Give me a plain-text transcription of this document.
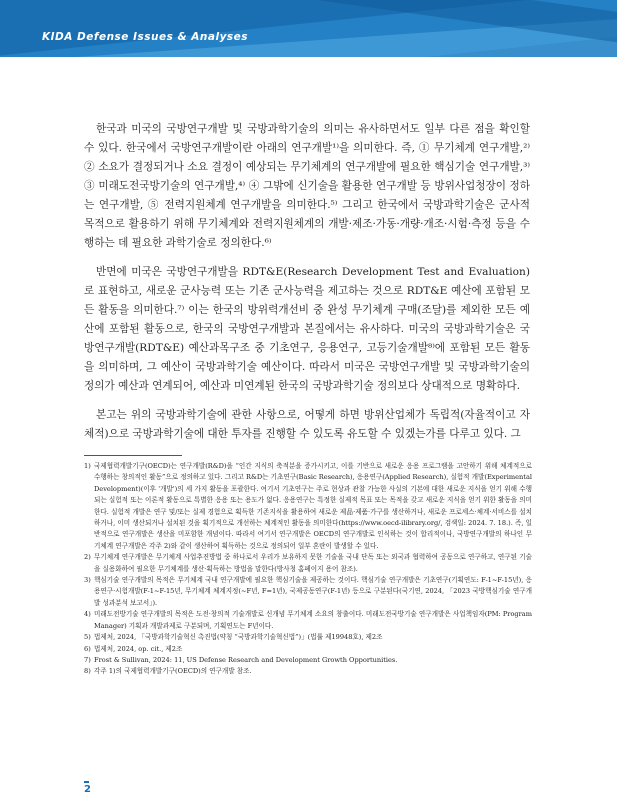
KIDA Defense Issues & Analyses

한국과 미국의 국방연구개발 및 국방과학기술의 의미는 유사하면서도 일부 다른 점을 확인할 수 있다. 한국에서 국방연구개발이란 아래의 연구개발¹⁾을 의미한다. 즉, ① 무기체계 연구개발,²⁾ ② 소요가 결정되거나 소요 결정이 예상되는 무기체계의 연구개발에 필요한 핵심기술 연구개발,³⁾ ③ 미래도전국방기술의 연구개발,⁴⁾ ④ 그밖에 신기술을 활용한 연구개발 등 방위사업청장이 정하는 연구개발, ⑤ 전력지원체계 연구개발을 의미한다.⁵⁾ 그리고 한국에서 국방과학기술은 군사적 목적으로 활용하기 위해 무기체계와 전력지원체계의 개발·제조·가동·개량·개조·시험·측정 등을 수행하는 데 필요한 과학기술로 정의한다.⁶⁾

반면에 미국은 국방연구개발을 RDT&E(Research Development Test and Evaluation)로 표현하고, 새로운 군사능력 또는 기존 군사능력을 제고하는 것으로 RDT&E 예산에 포함된 모든 활동을 의미한다.⁷⁾ 이는 한국의 방위력개선비 중 완성 무기체계 구매(조달)를 제외한 모든 예산에 포함된 활동으로, 한국의 국방연구개발과 본질에서는 유사하다. 미국의 국방과학기술은 국방연구개발(RDT&E) 예산과목구조 중 기초연구, 응용연구, 고등기술개발⁸⁾에 포함된 모든 활동을 의미하며, 그 예산이 국방과학기술 예산이다. 따라서 미국은 국방연구개발 및 국방과학기술의 정의가 예산과 연계되어, 예산과 미연계된 한국의 국방과학기술 정의보다 상대적으로 명확하다.

본고는 위의 국방과학기술에 관한 사항으로, 어떻게 하면 방위산업체가 독립적(자율적이고 자체적)으로 국방과학기술에 대한 투자를 진행할 수 있도록 유도할 수 있겠는가를 다루고 있다. 그

1) 국제협력개발기구(OECD)는 연구개발(R&D)을 “인간 지식의 축적분을 증가시키고, 이를 기반으로 새로운 응용 프로그램을 고안하기 위해 체계적으로 수행하는 창의적인 활동”으로 정의하고 있다. 그리고 R&D는 기초연구(Basic Research), 응용연구(Applied Research), 실험적 개발(Experimental Development)(이후 '개발')의 세 가지 활동을 포괄한다. 여기서 기초연구는 주로 현상과 관찰 가능한 사실의 기본에 대한 새로운 지식을 얻기 위해 수행되는 실험적 또는 이론적 활동으로 특별한 응용 또는 용도가 없다. 응용연구는 특정한 실제적 목표 또는 목적을 갖고 새로운 지식을 얻기 위한 활동을 의미한다. 실험적 개발은 연구 및/또는 실제 경험으로 획득한 기존지식을 활용하여 새로운 제品·제품·가구를 생산하거나, 새로운 프로세스·체계·서비스를 설치하거나, 이미 생산되거나 설치된 것을 획기적으로 개선하는 체계적인 활동을 의미한다(https://www.oecd-ilibrary.org/, 검색일: 2024. 7. 18.). 즉, 일반적으로 연구개발은 생산을 미포함한 개념이다. 따라서 여기서 연구개발은 OECD의 연구개발로 인식하는 것이 합리적이나, 국방연구개발의 하나인 무기체계 연구개발은 각주 2)와 같이 생산하여 획득하는 것으로 정의되어 일부 혼란이 발생할 수 있다.
2) 무기체계 연구개발은 무기체계 사업추진방법 중 하나로서 우리가 보유하지 못한 기술을 국내 단독 또는 외국과 협력하여 공동으로 연구하고, 연구된 기술을 실용화하여 필요한 무기체계를 생산·획득하는 방법을 말한다(방사청 홈페이지 용어 참조).
3) 핵심기술 연구개발의 목적은 무기체계 국내 연구개발에 필요한 핵심기술을 제공하는 것이다. 핵심기술 연구개발은 기초연구(기획연도: F-1~F-15년), 응용연구·시험개발(F-1~F-15년, 무기체계 체계지정(~F년, F=1년), 국제공동연구(F-1년) 등으로 구분된다(국기연, 2024, 「2023 국방핵심기술 연구개발 성과분석 보고서」).
4) 미래도전방기술 연구개발의 목적은 도전·창의적 기술개발로 신개념 무기체계 소요의 창출이다. 미래도전국방기술 연구개발은 사업책임자(PM: Program Manager) 기획과 개발과제로 구분되며, 기획연도는 F년이다.
5) 법제처, 2024, 「국방과학기술혁신 촉진법(약칭 “국방과학기술혁신법”)」(법률 제19948호), 제2조
6) 법제처, 2024, op. cit., 제2조
7) Frost & Sullivan, 2024: 11, US Defense Research and Development Growth Opportunities.
8) 각주 1)의 국제협력개발기구(OECD)의 연구개발 참조.
2
